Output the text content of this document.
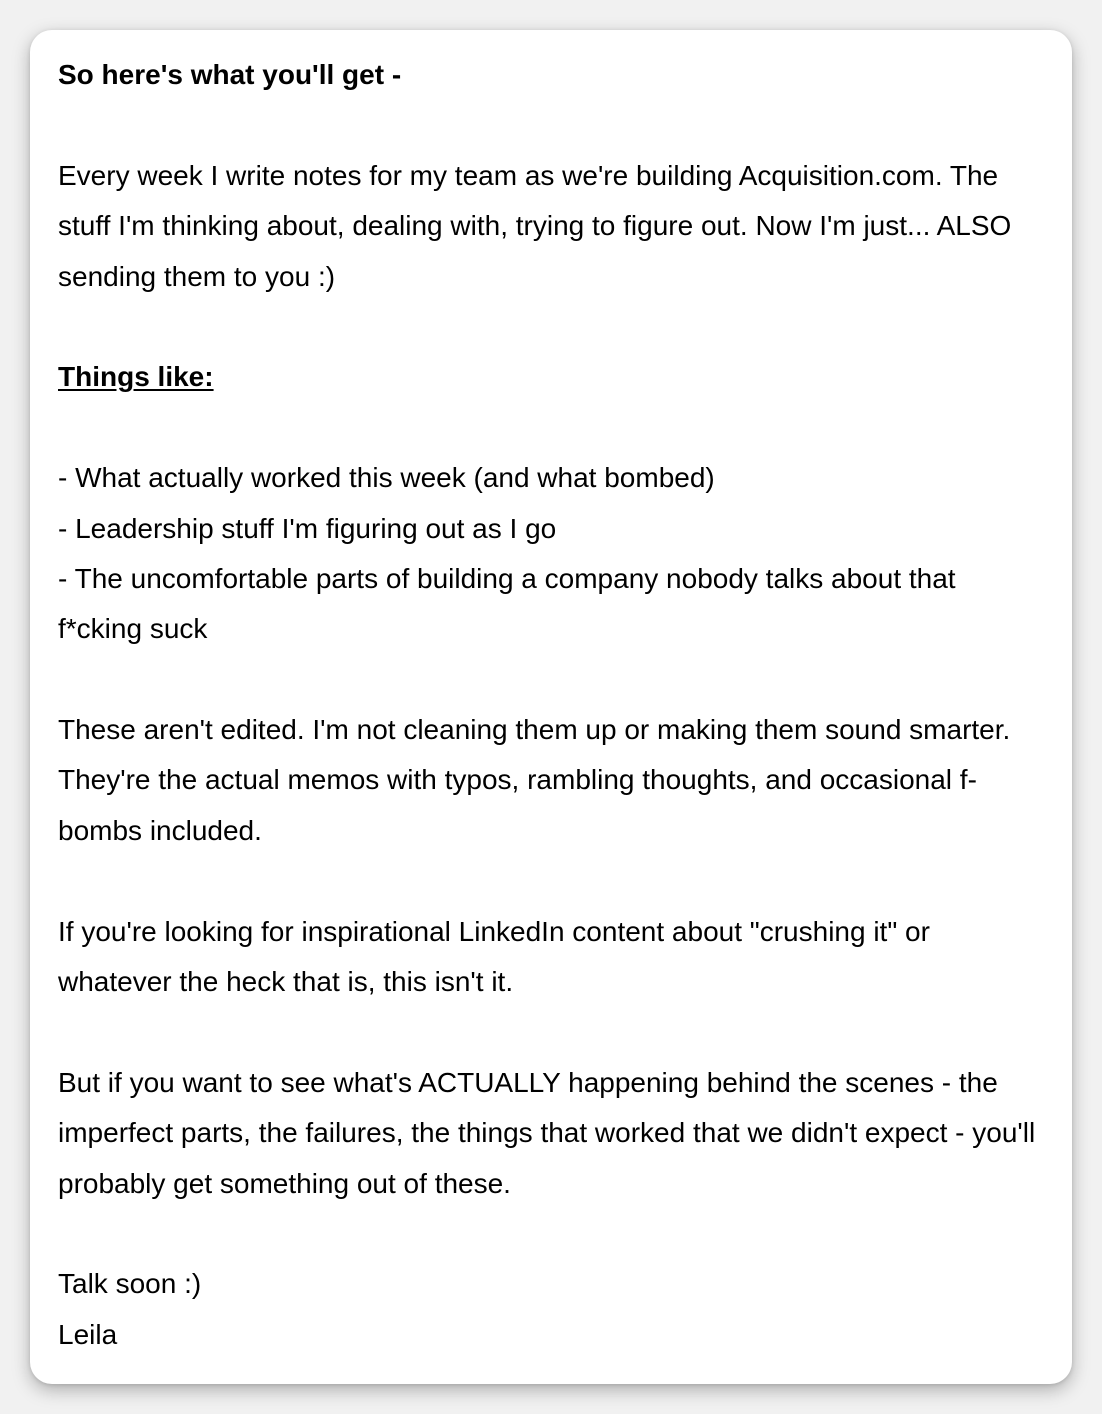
So here's what you'll get -
Every week I write notes for my team as we're building Acquisition.com. The
stuff I'm thinking about, dealing with, trying to figure out. Now I'm just... ALSO
sending them to you :)
Things like:
- What actually worked this week (and what bombed)
- Leadership stuff I'm figuring out as I go
- The uncomfortable parts of building a company nobody talks about that
f*cking suck
These aren't edited. I'm not cleaning them up or making them sound smarter.
They're the actual memos with typos, rambling thoughts, and occasional f-
bombs included.
If you're looking for inspirational LinkedIn content about "crushing it" or
whatever the heck that is, this isn't it.
But if you want to see what's ACTUALLY happening behind the scenes - the
imperfect parts, the failures, the things that worked that we didn't expect - you'll
probably get something out of these.
Talk soon :)
Leila
